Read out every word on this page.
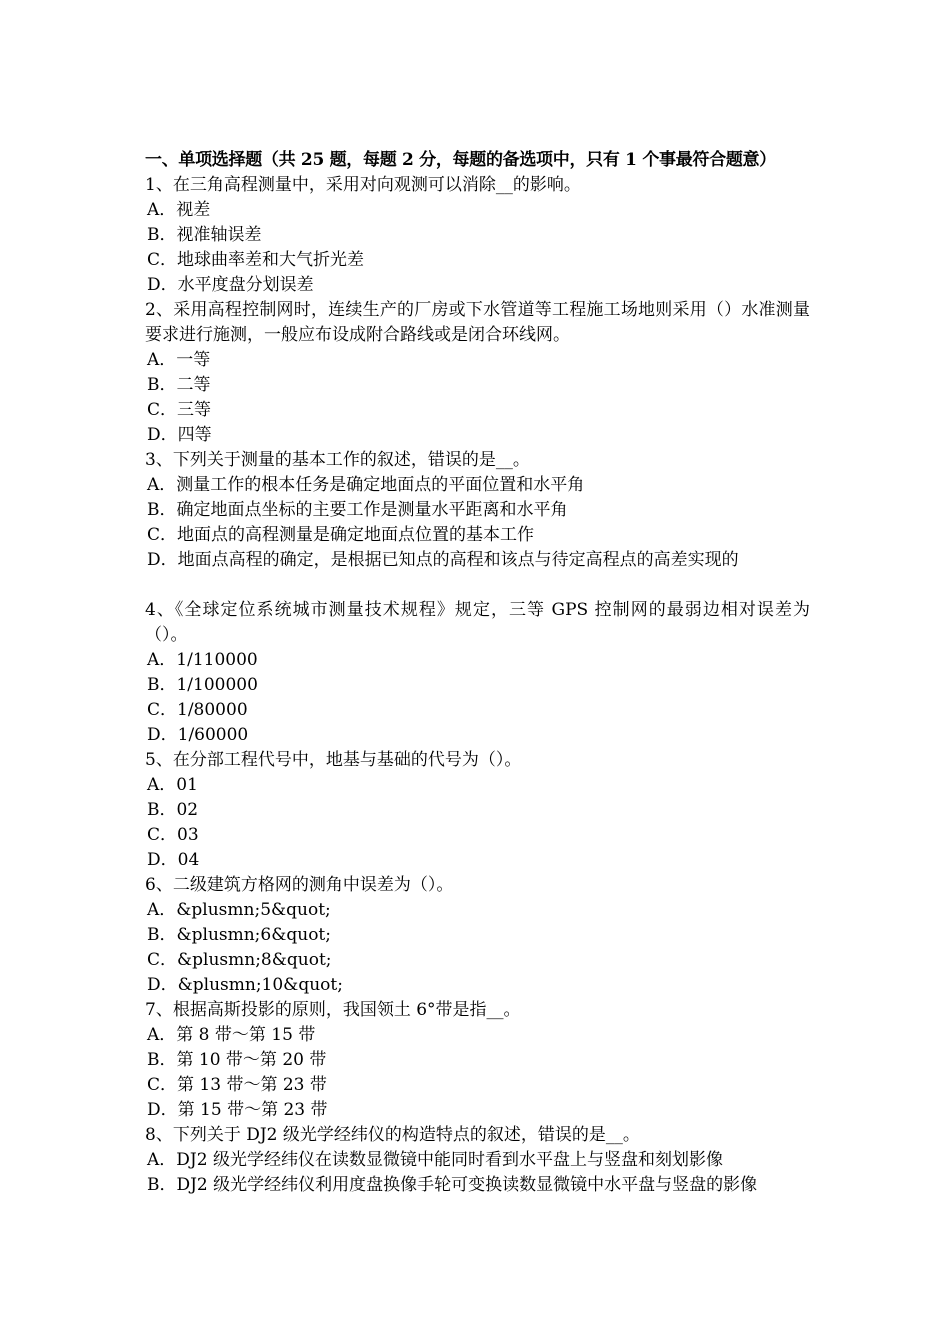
一、单项选择题（共 25 题，每题 2 分，每题的备选项中，只有 1 个事最符合题意）
1、在三角高程测量中，采用对向观测可以消除__的影响。
A．视差
B．视准轴误差
C．地球曲率差和大气折光差
D．水平度盘分划误差
2、采用高程控制网时，连续生产的厂房或下水管道等工程施工场地则采用（）水准测量要求进行施测，一般应布设成附合路线或是闭合环线网。
A．一等
B．二等
C．三等
D．四等
3、下列关于测量的基本工作的叙述，错误的是__。
A．测量工作的根本任务是确定地面点的平面位置和水平角
B．确定地面点坐标的主要工作是测量水平距离和水平角
C．地面点的高程测量是确定地面点位置的基本工作
D．地面点高程的确定，是根据已知点的高程和该点与待定高程点的高差实现的
4、《全球定位系统城市测量技术规程》规定，三等 GPS 控制网的最弱边相对误差为（）。
A．1/110000
B．1/100000
C．1/80000
D．1/60000
5、在分部工程代号中，地基与基础的代号为（）。
A．01
B．02
C．03
D．04
6、二级建筑方格网的测角中误差为（）。
A．&plusmn;5&quot;
B．&plusmn;6&quot;
C．&plusmn;8&quot;
D．&plusmn;10&quot;
7、根据高斯投影的原则，我国领土 6°带是指__。
A．第 8 带～第 15 带
B．第 10 带～第 20 带
C．第 13 带～第 23 带
D．第 15 带～第 23 带
8、下列关于 DJ2 级光学经纬仪的构造特点的叙述，错误的是__。
A．DJ2 级光学经纬仪在读数显微镜中能同时看到水平盘上与竖盘和刻划影像
B．DJ2 级光学经纬仪利用度盘换像手轮可变换读数显微镜中水平盘与竖盘的影像
